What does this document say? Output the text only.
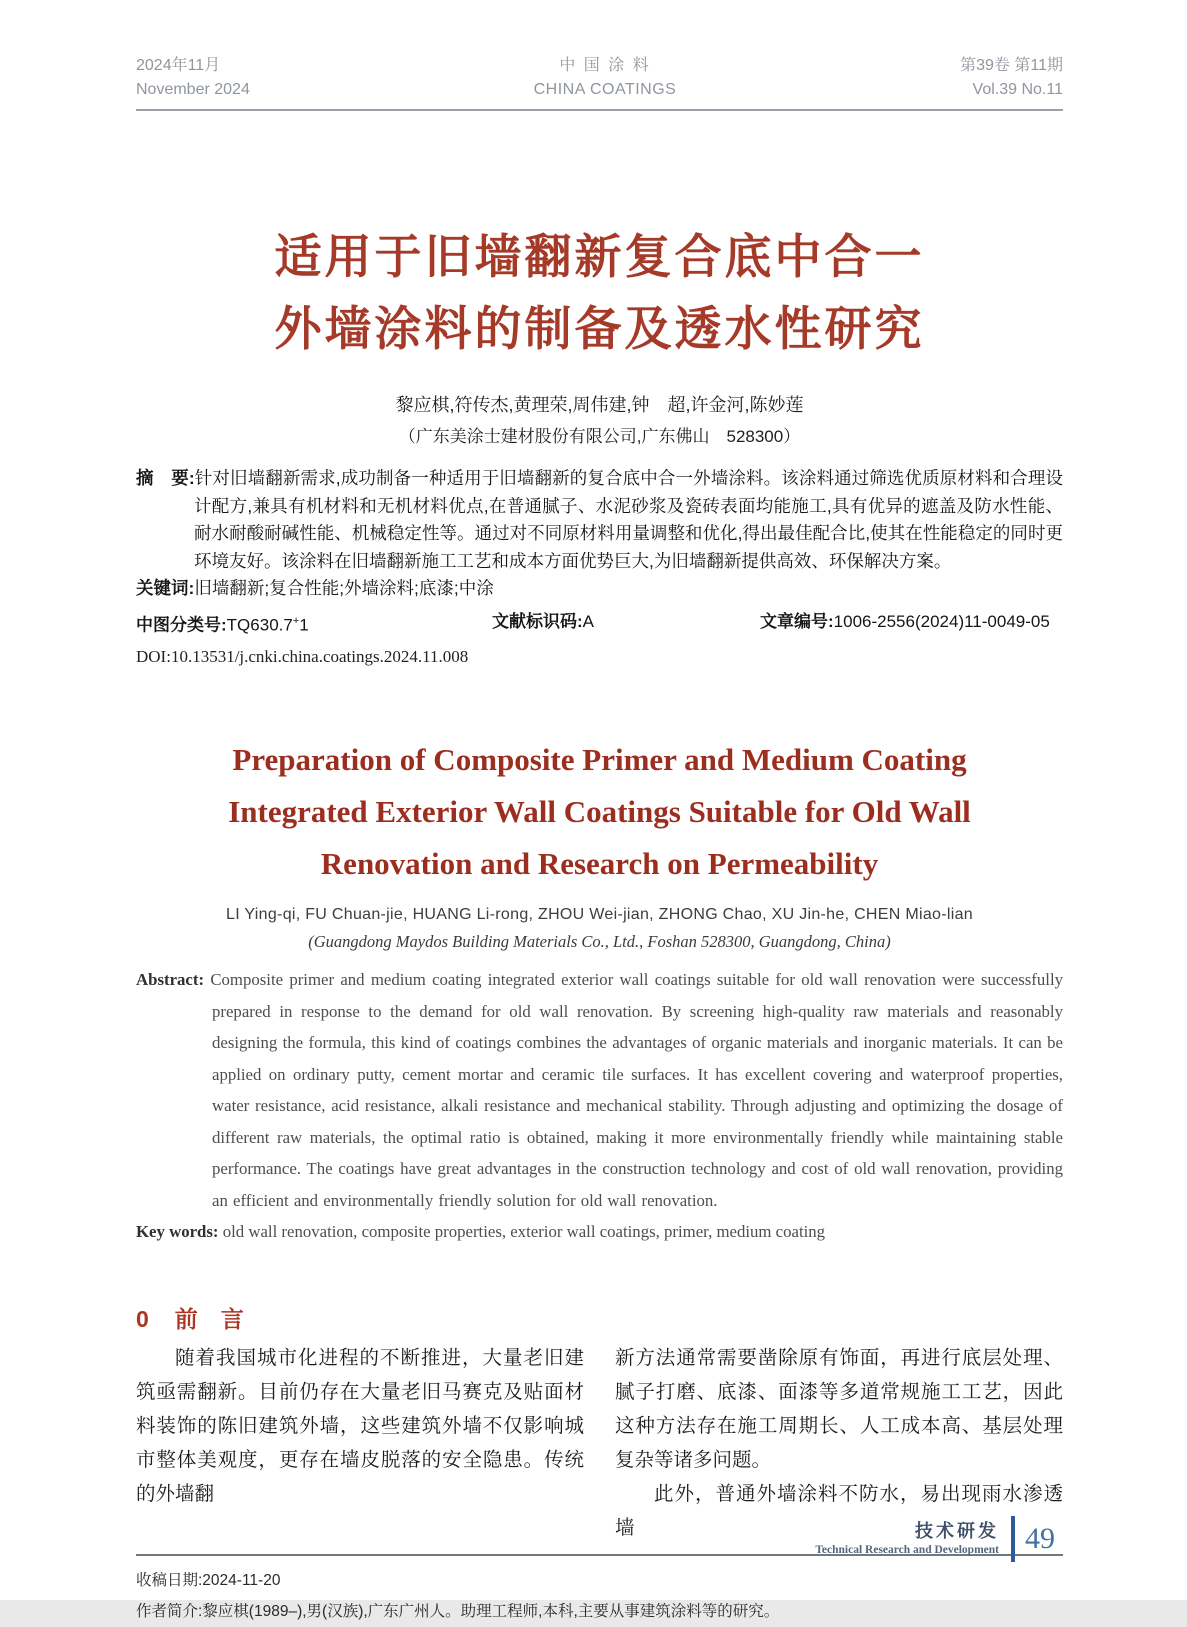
2024年11月
November 2024
中 国 涂 料
CHINA COATINGS
第39卷 第11期
Vol.39 No.11
适用于旧墙翻新复合底中合一
外墙涂料的制备及透水性研究
黎应棋,符传杰,黄理荣,周伟建,钟　超,许金河,陈妙莲
（广东美涂士建材股份有限公司,广东佛山　528300）

摘　要:针对旧墙翻新需求,成功制备一种适用于旧墙翻新的复合底中合一外墙涂料。该涂料通过筛选优质原材料和合理设计配方,兼具有机材料和无机材料优点,在普通腻子、水泥砂浆及瓷砖表面均能施工,具有优异的遮盖及防水性能、耐水耐酸耐碱性能、机械稳定性等。通过对不同原材料用量调整和优化,得出最佳配合比,使其在性能稳定的同时更环境友好。该涂料在旧墙翻新施工工艺和成本方面优势巨大,为旧墙翻新提供高效、环保解决方案。

关键词:旧墙翻新;复合性能;外墙涂料;底漆;中涂

中图分类号:TQ630.7+1	文献标识码:A	文章编号:1006-2556(2024)11-0049-05
DOI:10.13531/j.cnki.china.coatings.2024.11.008
Preparation of Composite Primer and Medium Coating
Integrated Exterior Wall Coatings Suitable for Old Wall
Renovation and Research on Permeability
LI Ying-qi, FU Chuan-jie, HUANG Li-rong, ZHOU Wei-jian, ZHONG Chao, XU Jin-he, CHEN Miao-lian
(Guangdong Maydos Building Materials Co., Ltd., Foshan 528300, Guangdong, China)

Abstract: Composite primer and medium coating integrated exterior wall coatings suitable for old wall renovation were successfully prepared in response to the demand for old wall renovation. By screening high-quality raw materials and reasonably designing the formula, this kind of coatings combines the advantages of organic materials and inorganic materials. It can be applied on ordinary putty, cement mortar and ceramic tile surfaces. It has excellent covering and waterproof properties, water resistance, acid resistance, alkali resistance and mechanical stability. Through adjusting and optimizing the dosage of different raw materials, the optimal ratio is obtained, making it more environmentally friendly while maintaining stable performance. The coatings have great advantages in the construction technology and cost of old wall renovation, providing an efficient and environmentally friendly solution for old wall renovation.

Key words: old wall renovation, composite properties, exterior wall coatings, primer, medium coating

0 前　言

随着我国城市化进程的不断推进，大量老旧建筑亟需翻新。目前仍存在大量老旧马赛克及贴面材料装饰的陈旧建筑外墙，这些建筑外墙不仅影响城市整体美观度，更存在墙皮脱落的安全隐患。传统的外墙翻

新方法通常需要凿除原有饰面，再进行底层处理、腻子打磨、底漆、面漆等多道常规施工工艺，因此这种方法存在施工周期长、人工成本高、基层处理复杂等诸多问题。

此外，普通外墙涂料不防水，易出现雨水渗透墙

收稿日期:2024-11-20
作者简介:黎应棋(1989–),男(汉族),广东广州人。助理工程师,本科,主要从事建筑涂料等的研究。
技术研发
Technical Research and Development 49
